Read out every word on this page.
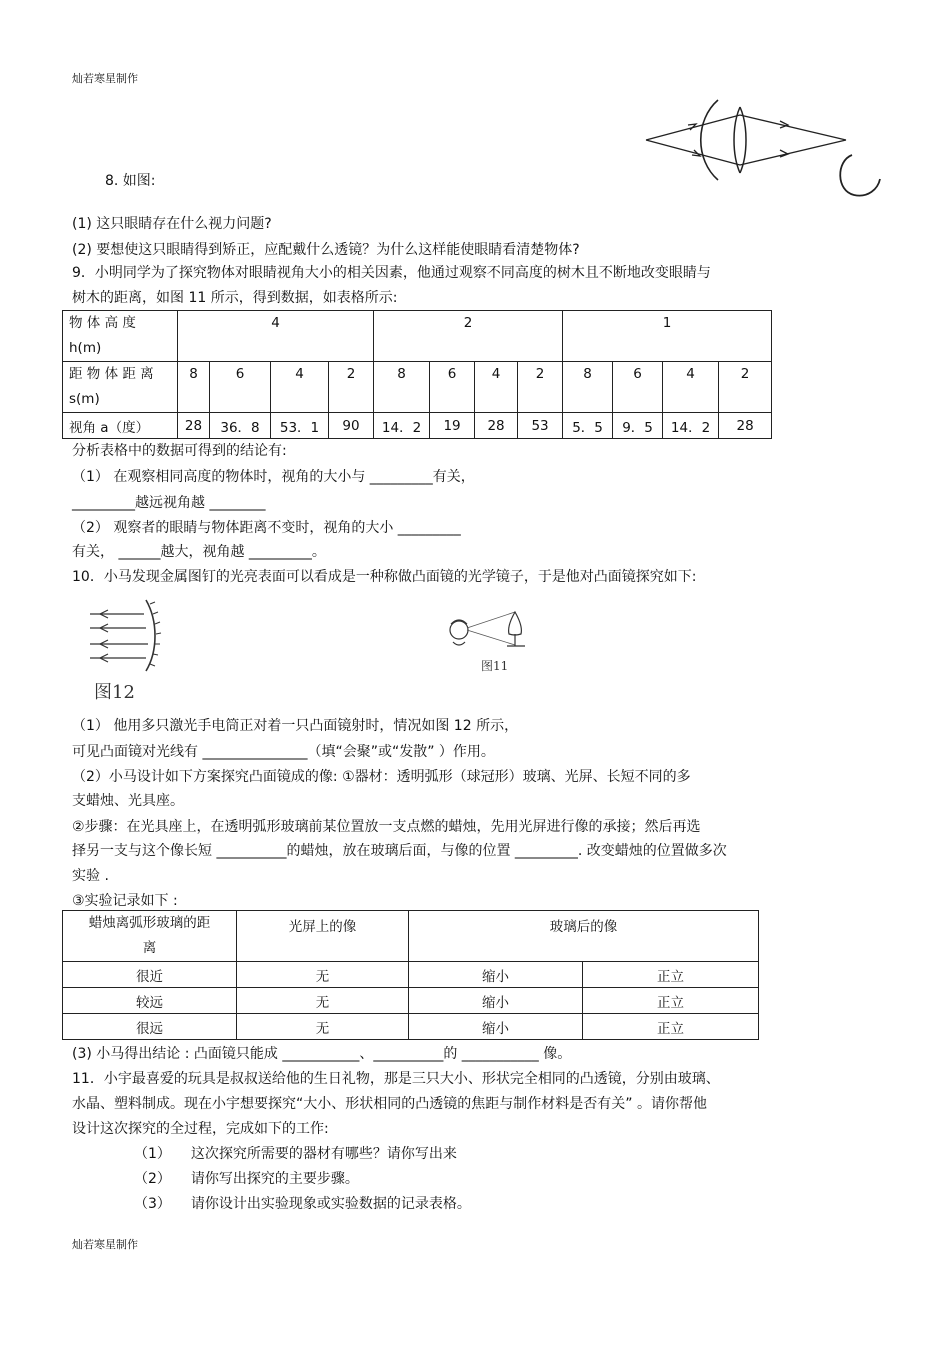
灿若寒星制作
8. 如图:
(1) 这只眼睛存在什么视力问题?
(2) 要想使这只眼睛得到矫正，应配戴什么透镜？为什么这样能使眼睛看清楚物体?
9．小明同学为了探究物体对眼睛视角大小的相关因素，他通过观察不同高度的树木且不断地改变眼睛与
树木的距离，如图 11 所示，得到数据，如表格所示:
物 体 高 度
h(m)	4				2				1			

距 物 体 距 离
s(m)	8	6	4	2	8	6	4	2	8	6	4	2
视角 a（度）	28	36．8	53．1	90	14．2	19	28	53	5．5	9．5	14．2	28
分析表格中的数据可得到的结论有:
（1） 在观察相同高度的物体时，视角的大小与 _________有关，
_________越远视角越 ________
（2） 观察者的眼睛与物体距离不变时，视角的大小 _________
有关， ______越大，视角越 _________。
10．小马发现金属图钉的光亮表面可以看成是一种称做凸面镜的光学镜子，于是他对凸面镜探究如下:
图12
图11
（1） 他用多只激光手电筒正对着一只凸面镜射时，情况如图 12 所示，
可见凸面镜对光线有 _______________（填“会聚”或“发散” ）作用。
（2）小马设计如下方案探究凸面镜成的像: ①器材：透明弧形（球冠形）玻璃、光屏、长短不同的多
支蜡烛、光具座。
②步骤：在光具座上，在透明弧形玻璃前某位置放一支点燃的蜡烛，先用光屏进行像的承接；然后再选
择另一支与这个像长短 __________的蜡烛，放在玻璃后面，与像的位置 _________. 改变蜡烛的位置做多次
实验 .
③实验记录如下 :
蜡烛离弧形玻璃的距
离	光屏上的像	玻璃后的像	
很近	无	缩小	正立
较远	无	缩小	正立
很远	无	缩小	正立
(3) 小马得出结论 : 凸面镜只能成 ___________、__________的 ___________ 像。
11．小宇最喜爱的玩具是叔叔送给他的生日礼物，那是三只大小、形状完全相同的凸透镜，分别由玻璃、
水晶、塑料制成。现在小宇想要探究“大小、形状相同的凸透镜的焦距与制作材料是否有关” 。请你帮他
设计这次探究的全过程，完成如下的工作:
（1） 这次探究所需要的器材有哪些？请你写出来
（2） 请你写出探究的主要步骤。
（3） 请你设计出实验现象或实验数据的记录表格。
灿若寒星制作
